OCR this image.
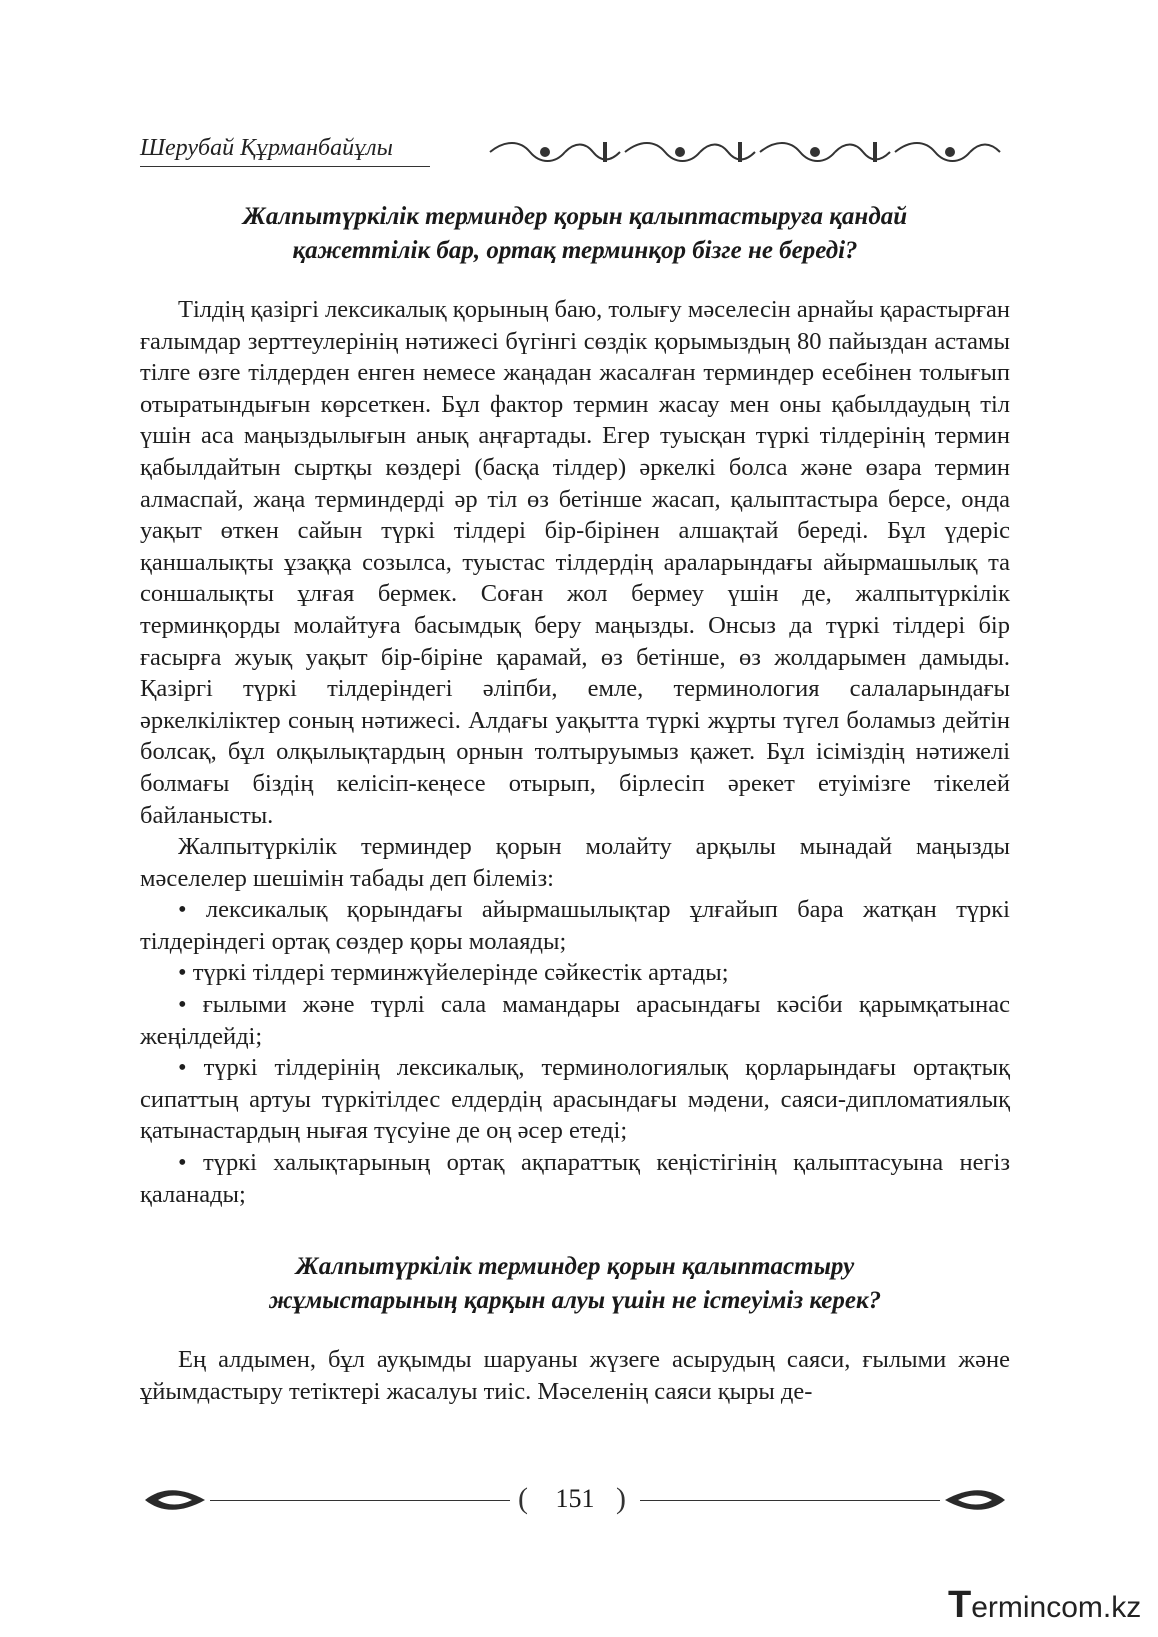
Шерубай Құрманбайұлы
Жалпытүркілік терминдер қорын қалыптастыруға қандай
қажеттілік бар, ортақ терминқор бізге не береді?

Тілдің қазіргі лексикалық қорының баю, толығу мәселесін арнайы қарастырған ғалымдар зерттеулерінің нәтижесі бүгінгі сөздік қорымыздың 80 пайыздан астамы тілге өзге тілдерден енген немесе жаңадан жасалған терминдер есебінен толығып отыратындығын көрсеткен. Бұл фактор термин жасау мен оны қабылдаудың тіл үшін аса маңыздылығын анық аңғартады. Егер туысқан түркі тілдерінің термин қабылдайтын сыртқы көздері (басқа тілдер) әркелкі болса және өзара термин алмаспай, жаңа терминдерді әр тіл өз бетінше жасап, қалыптастыра берсе, онда уақыт өткен сайын түркі тілдері бір-бірінен алшақтай береді. Бұл үдеріс қаншалықты ұзаққа созылса, туыстас тілдердің араларындағы айырмашылық та соншалықты ұлғая бермек. Соған жол бермеу үшін де, жалпытүркілік терминқорды молайтуға басымдық беру маңызды. Онсыз да түркі тілдері бір ғасырға жуық уақыт бір-біріне қарамай, өз бетінше, өз жолдарымен дамыды. Қазіргі түркі тілдеріндегі әліпби, емле, терминология салаларындағы әркелкіліктер соның нәтижесі. Алдағы уақытта түркі жұрты түгел боламыз дейтін болсақ, бұл олқылықтардың орнын толтыруымыз қажет. Бұл ісіміздің нәтижелі болмағы біздің келісіп-кеңесе отырып, бірлесіп әрекет етуімізге тікелей байланысты.

Жалпытүркілік терминдер қорын молайту арқылы мынадай маңызды мәселелер шешімін табады деп білеміз:

• лексикалық қорындағы айырмашылықтар ұлғайып бара жатқан түркі тілдеріндегі ортақ сөздер қоры молаяды;

• түркі тілдері терминжүйелерінде сәйкестік артады;

• ғылыми және түрлі сала мамандары арасындағы кәсіби қарымқатынас жеңілдейді;

• түркі тілдерінің лексикалық, терминологиялық қорларындағы ортақтық сипаттың артуы түркітілдес елдердің арасындағы мәдени, саяси-дипломатиялық қатынастардың нығая түсуіне де оң әсер етеді;

• түркі халықтарының ортақ ақпараттық кеңістігінің қалыптасуына негіз қаланады;

Жалпытүркілік терминдер қорын қалыптастыру
жұмыстарының қарқын алуы үшін не істеуіміз керек?

Ең алдымен, бұл ауқымды шаруаны жүзеге асырудың саяси, ғылыми және ұйымдастыру тетіктері жасалуы тиіс. Мәселенің саяси қыры де-

(	151 )
Termincom.kz
